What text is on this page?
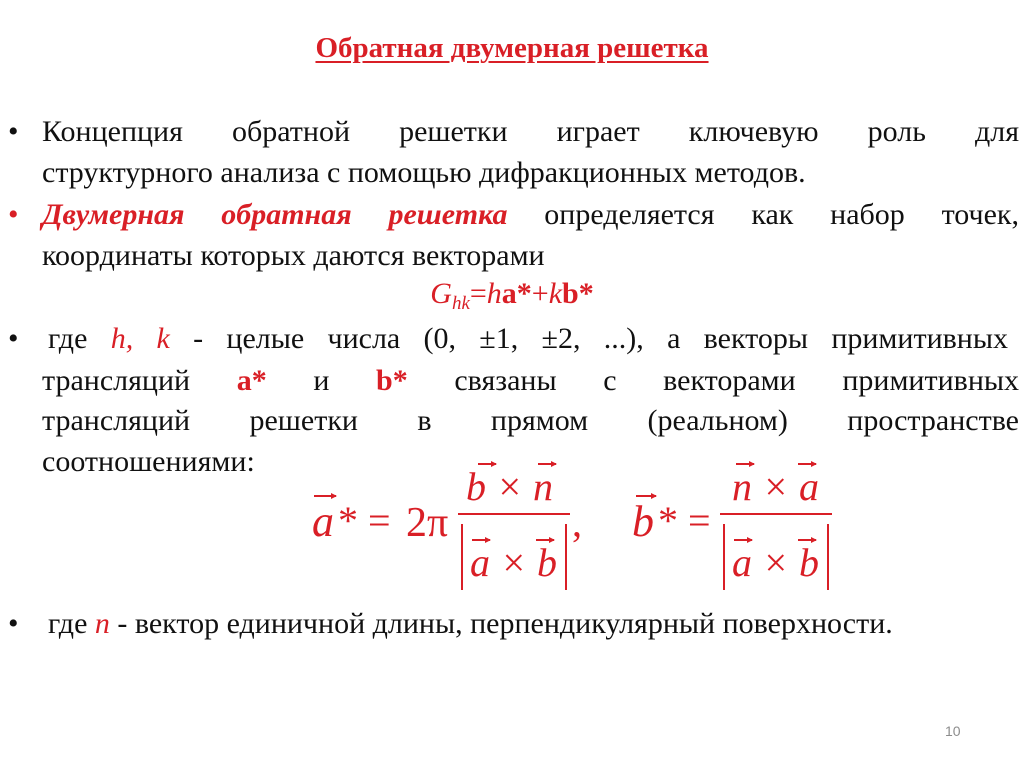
Обратная двумерная решетка
• Концепция обратной решетки играет ключевую роль для
структурного анализа с помощью дифракционных методов.
• Двумерная обратная решетка определяется как набор точек,
координаты которых даются векторами
$G_{hk}=ha*+kb*$
• где h, k - целые числа (0, ±1, ±2, ...), а векторы примитивных
трансляций a* и b* связаны с векторами примитивных
трансляций решетки в прямом (реальном) пространстве
соотношениями:
a * = 2π
b × n
a × b
, b * =
n × a
a × b
• где n - вектор единичной длины, перпендикулярный поверхности.
10
